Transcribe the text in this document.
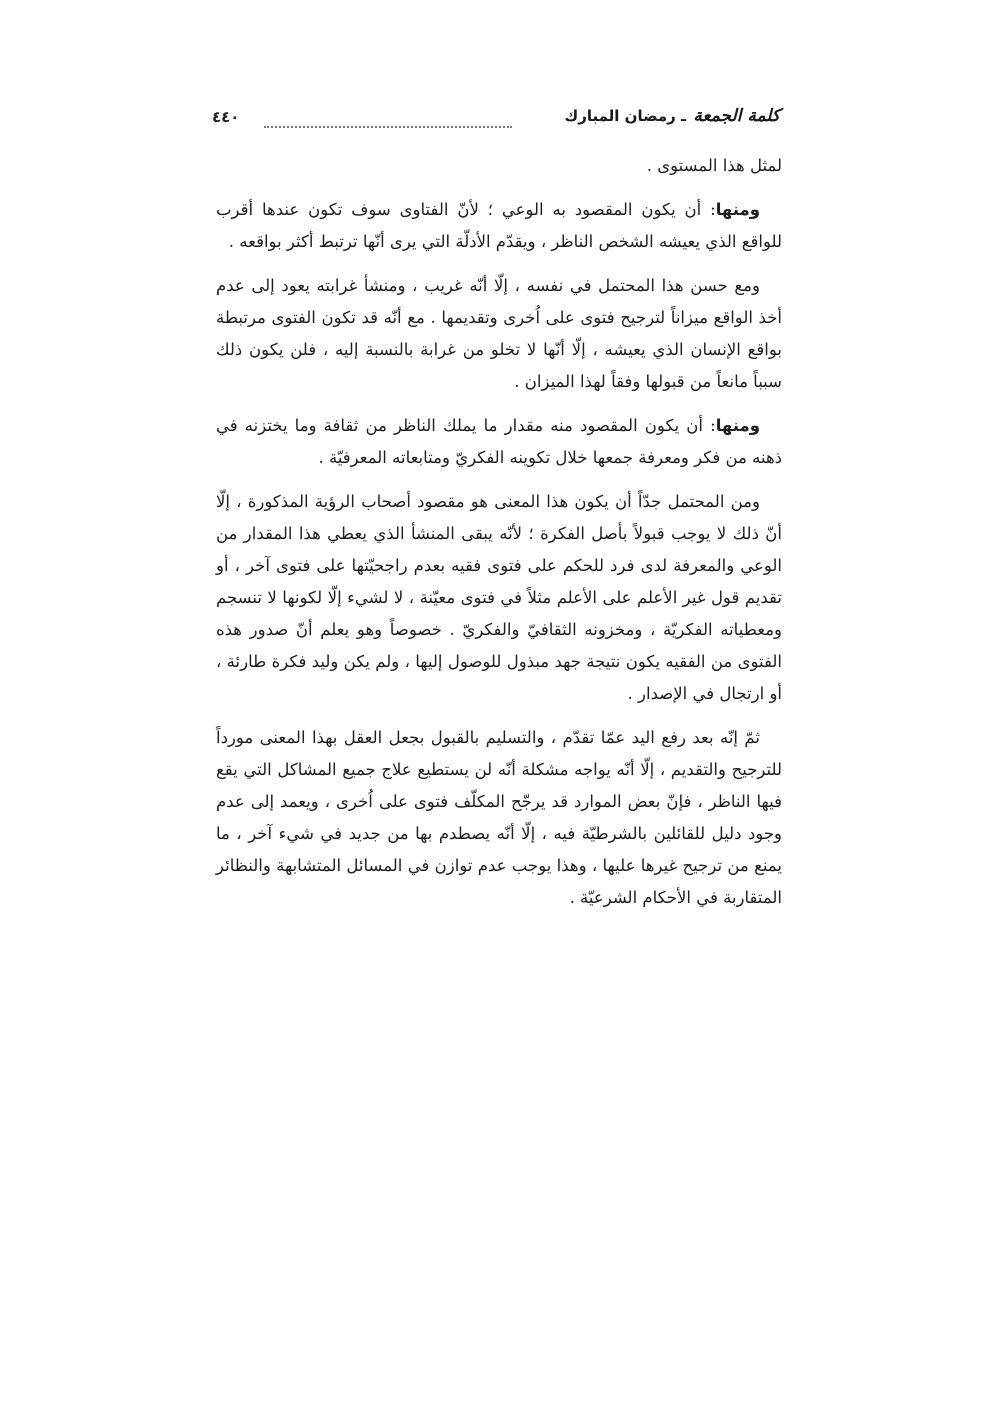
٤٤٠	كلمة الجمعة ـ رمضان المبارك

لمثل هذا المستوى .

ومنها: أن يكون المقصود به الوعي ؛ لأنّ الفتاوى سوف تكون عندها أقرب للواقع الذي يعيشه الشخص الناظر ، ويقدّم الأدلّة التي يرى أنّها ترتبط أكثر بواقعه .

ومع حسن هذا المحتمل في نفسه ، إلّا أنّه غريب ، ومنشأ غرابته يعود إلى عدم أخذ الواقع ميزاناً لترجيح فتوى على اُخرى وتقديمها . مع أنّه قد تكون الفتوى مرتبطة بواقع الإنسان الذي يعيشه ، إلّا أنّها لا تخلو من غرابة بالنسبة إليه ، فلن يكون ذلك سبباً مانعاً من قبولها وفقاً لهذا الميزان .

ومنها: أن يكون المقصود منه مقدار ما يملك الناظر من ثقافة وما يختزنه في ذهنه من فكر ومعرفة جمعها خلال تكوينه الفكريّ ومتابعاته المعرفيّة .

ومن المحتمل جدّاً أن يكون هذا المعنى هو مقصود أصحاب الرؤية المذكورة ، إلّا أنّ ذلك لا يوجب قبولاً بأصل الفكرة ؛ لأنّه يبقى المنشأ الذي يعطي هذا المقدار من الوعي والمعرفة لدى فرد للحكم على فتوى فقيه بعدم راجحيّتها على فتوى آخر ، أو تقديم قول غير الأعلم على الأعلم مثلاً في فتوى معيّنة ، لا لشيء إلّا لكونها لا تنسجم ومعطياته الفكريّة ، ومخزونه الثقافيّ والفكريّ . خصوصاً وهو يعلم أنّ صدور هذه الفتوى من الفقيه يكون نتيجة جهد مبذول للوصول إليها ، ولم يكن وليد فكرة طارئة ، أو ارتجال في الإصدار .

ثمّ إنّه بعد رفع اليد عمّا تقدّم ، والتسليم بالقبول بجعل العقل بهذا المعنى مورداً للترجيح والتقديم ، إلّا أنّه يواجه مشكلة أنّه لن يستطيع علاج جميع المشاكل التي يقع فيها الناظر ، فإنّ بعض الموارد قد يرجّح المكلّف فتوى على اُخرى ، ويعمد إلى عدم وجود دليل للقائلين بالشرطيّة فيه ، إلّا أنّه يصطدم بها من جديد في شيء آخر ، ما يمنع من ترجيح غيرها عليها ، وهذا يوجب عدم توازن في المسائل المتشابهة والنظائر المتقاربة في الأحكام الشرعيّة .
